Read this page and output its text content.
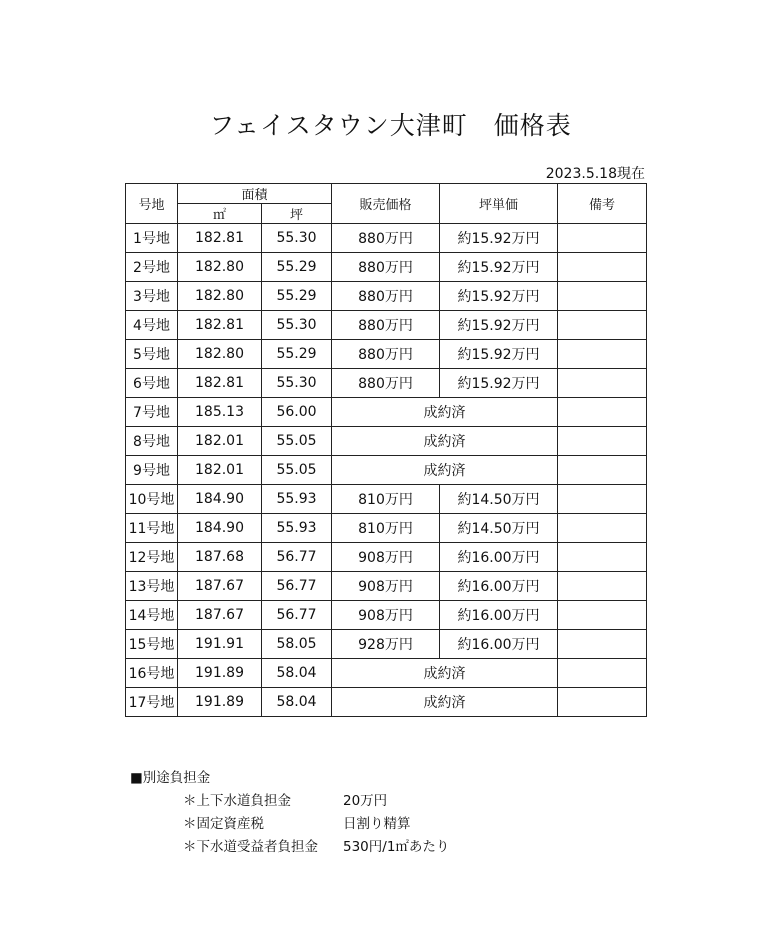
フェイスタウン大津町　価格表
2023.5.18現在
号地	面積		販売価格	坪単価	備考
	㎡	坪			
1号地	182.81	55.30	880万円	約15.92万円	
2号地	182.80	55.29	880万円	約15.92万円	
3号地	182.80	55.29	880万円	約15.92万円	
4号地	182.81	55.30	880万円	約15.92万円	
5号地	182.80	55.29	880万円	約15.92万円	
6号地	182.81	55.30	880万円	約15.92万円	
7号地	185.13	56.00	成約済		
8号地	182.01	55.05	成約済		
9号地	182.01	55.05	成約済		
10号地	184.90	55.93	810万円	約14.50万円	
11号地	184.90	55.93	810万円	約14.50万円	
12号地	187.68	56.77	908万円	約16.00万円	
13号地	187.67	56.77	908万円	約16.00万円	
14号地	187.67	56.77	908万円	約16.00万円	
15号地	191.91	58.05	928万円	約16.00万円	
16号地	191.89	58.04	成約済		
17号地	191.89	58.04	成約済		
■別途負担金
＊上下水道負担金	20万円
＊固定資産税	日割り精算
＊下水道受益者負担金	530円/1㎡あたり
